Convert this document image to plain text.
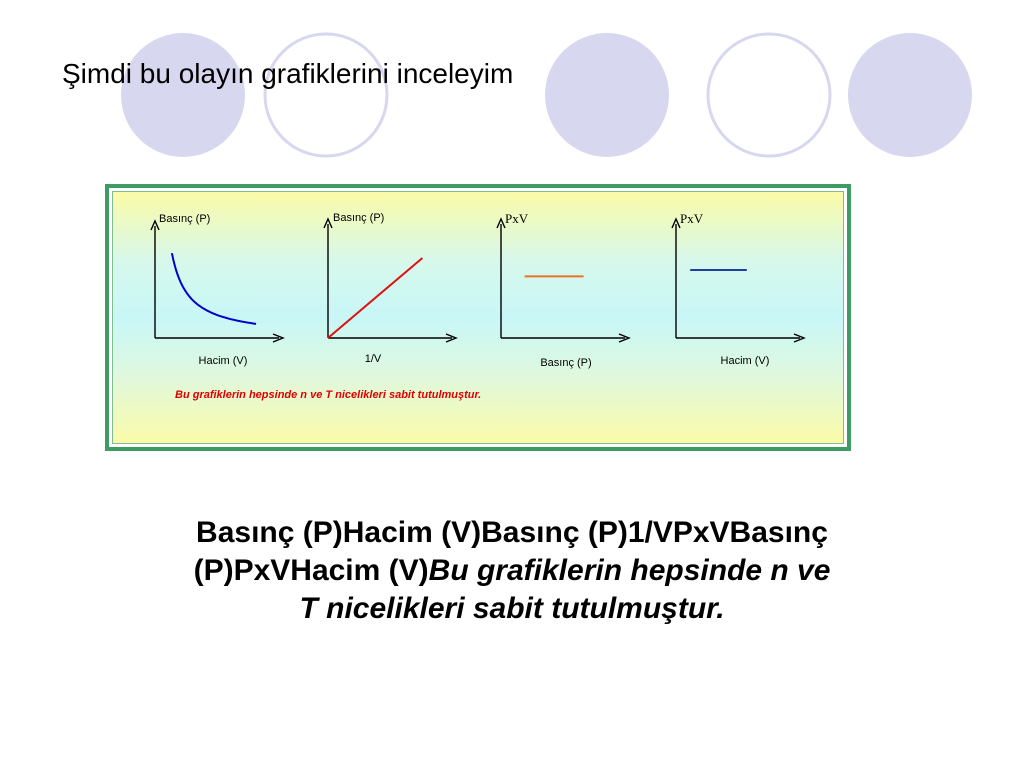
Şimdi bu olayın grafiklerini inceleyim
Basınç (P)
Hacim (V)
Basınç (P)
1/V
PxV
Basınç (P)
PxV
Hacim (V)
Bu grafiklerin hepsinde n ve T nicelikleri sabit tutulmuştur.
Basınç (P)Hacim (V)Basınç (P)1/VPxVBasınç
(P)PxVHacim (V)Bu grafiklerin hepsinde n ve
T nicelikleri sabit tutulmuştur.
